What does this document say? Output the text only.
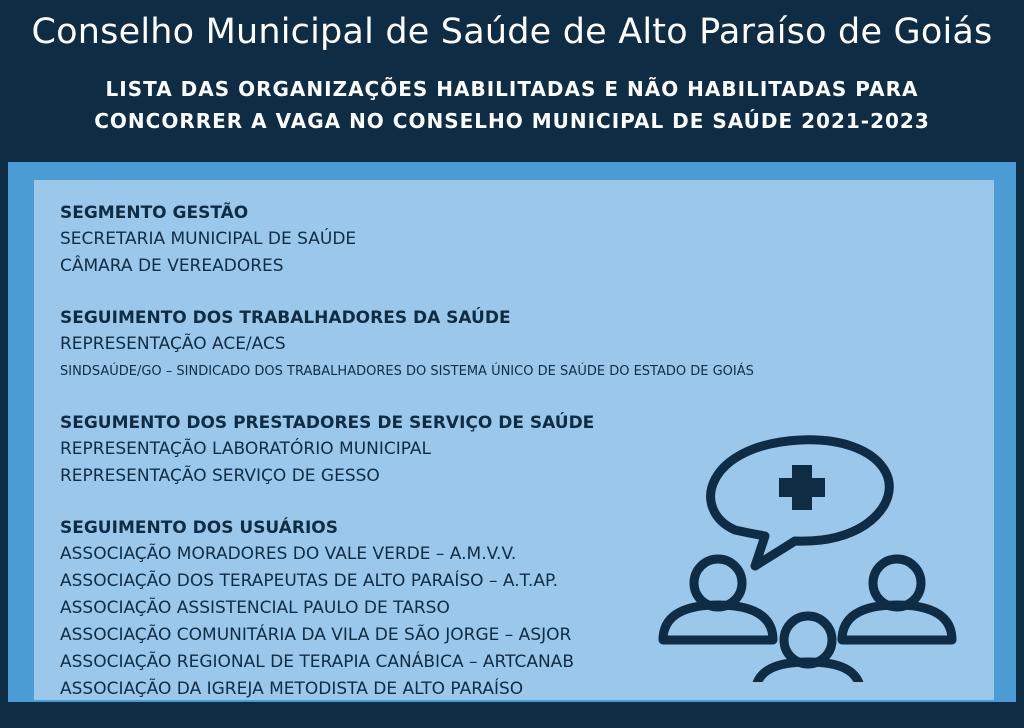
Conselho Municipal de Saúde de Alto Paraíso de Goiás
LISTA DAS ORGANIZAÇÕES HABILITADAS E NÃO HABILITADAS PARA
CONCORRER A VAGA NO CONSELHO MUNICIPAL DE SAÚDE 2021-2023
SEGMENTO GESTÃO
SECRETARIA MUNICIPAL DE SAÚDE
CÂMARA DE VEREADORES
SEGUIMENTO DOS TRABALHADORES DA SAÚDE
REPRESENTAÇÃO ACE/ACS
SINDSAÚDE/GO – SINDICADO DOS TRABALHADORES DO SISTEMA ÚNICO DE SAÚDE DO ESTADO DE GOIÁS
SEGUMENTO DOS PRESTADORES DE SERVIÇO DE SAÚDE
REPRESENTAÇÃO LABORATÓRIO MUNICIPAL
REPRESENTAÇÃO SERVIÇO DE GESSO
SEGUIMENTO DOS USUÁRIOS
ASSOCIAÇÃO MORADORES DO VALE VERDE – A.M.V.V.
ASSOCIAÇÃO DOS TERAPEUTAS DE ALTO PARAÍSO – A.T.AP.
ASSOCIAÇÃO ASSISTENCIAL PAULO DE TARSO
ASSOCIAÇÃO COMUNITÁRIA DA VILA DE SÃO JORGE – ASJOR
ASSOCIAÇÃO REGIONAL DE TERAPIA CANÁBICA – ARTCANAB
ASSOCIAÇÃO DA IGREJA METODISTA DE ALTO PARAÍSO
